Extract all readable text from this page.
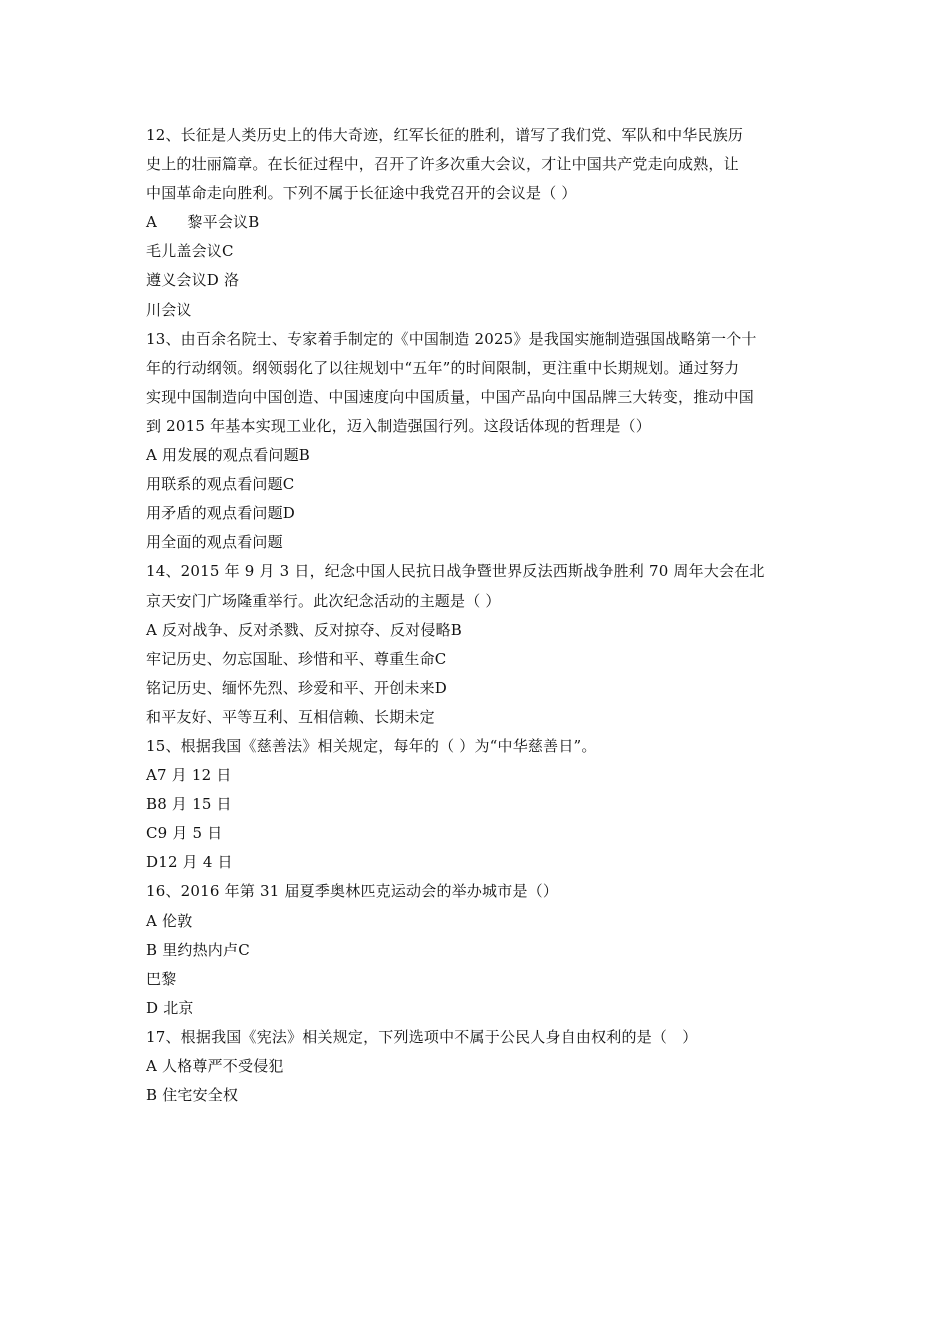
12、长征是人类历史上的伟大奇迹，红军长征的胜利，谱写了我们党、军队和中华民族历
史上的壮丽篇章。在长征过程中，召开了许多次重大会议，才让中国共产党走向成熟，让
中国革命走向胜利。下列不属于长征途中我党召开的会议是（ ）
A　　黎平会议B
毛儿盖会议C
遵义会议D 洛
川会议
13、由百余名院士、专家着手制定的《中国制造 2025》是我国实施制造强国战略第一个十
年的行动纲领。纲领弱化了以往规划中“五年”的时间限制，更注重中长期规划。通过努力
实现中国制造向中国创造、中国速度向中国质量，中国产品向中国品牌三大转变，推动中国
到 2015 年基本实现工业化，迈入制造强国行列。这段话体现的哲理是（）
A 用发展的观点看问题B
用联系的观点看问题C
用矛盾的观点看问题D
用全面的观点看问题
14、2015 年 9 月 3 日，纪念中国人民抗日战争暨世界反法西斯战争胜利 70 周年大会在北
京天安门广场隆重举行。此次纪念活动的主题是（ ）
A 反对战争、反对杀戮、反对掠夺、反对侵略B
牢记历史、勿忘国耻、珍惜和平、尊重生命C
铭记历史、缅怀先烈、珍爱和平、开创未来D
和平友好、平等互利、互相信赖、长期未定
15、根据我国《慈善法》相关规定，每年的（ ）为“中华慈善日”。
A7 月 12 日
B8 月 15 日
C9 月 5 日
D12 月 4 日
16、2016 年第 31 届夏季奥林匹克运动会的举办城市是（）
A 伦敦
B 里约热内卢C
巴黎
D 北京
17、根据我国《宪法》相关规定，下列选项中不属于公民人身自由权利的是（　）
A 人格尊严不受侵犯
B 住宅安全权
